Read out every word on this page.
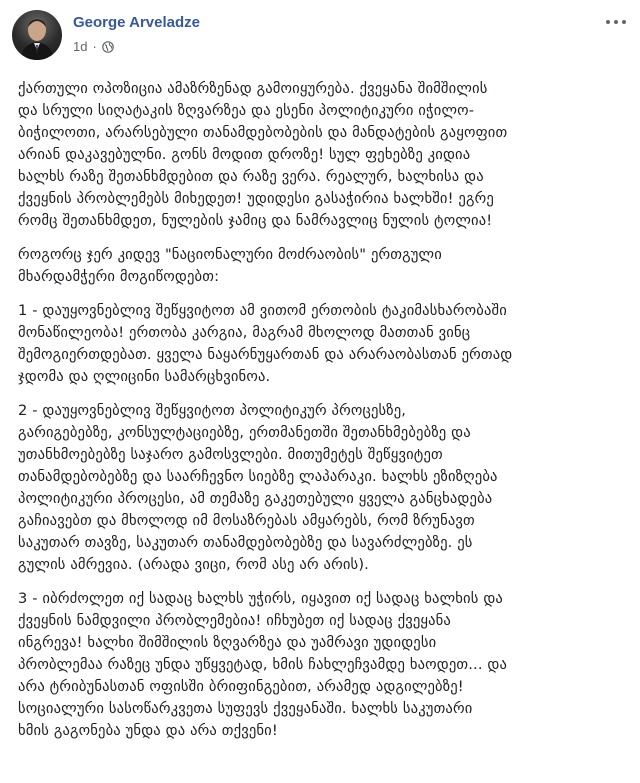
George Arveladze
1d ·

ქართული ოპოზიცია ამაზრზენად გამოიყურება. ქვეყანა შიმშილის
და სრული სიღატაკის ზღვარზეა და ესენი პოლიტიკური იჭილო-
ბიჭილოთი, არარსებული თანამდებობების და მანდატების გაყოფით
არიან დაკავებულნი. გონს მოდით დროზე! სულ ფეხებზე კიდია
ხალხს რაზე შეთანხმდებით და რაზე ვერა. რეალურ, ხალხისა და
ქვეყნის პრობლემებს მიხედეთ! უდიდესი გასაჭირია ხალხში! ეგრე
რომც შეთანხმდეთ, ნულების ჯამიც და ნამრავლიც ნულის ტოლია!

როგორც ჯერ კიდევ "ნაციონალური მოძრაობის" ერთგული
მხარდამჭერი მოგიწოდებთ:

1 - დაუყოვნებლივ შეწყვიტოთ ამ ვითომ ერთობის ტაკიმასხარობაში
მონაწილეობა! ერთობა კარგია, მაგრამ მხოლოდ მათთან ვინც
შემოგიერთდებათ. ყველა ნაყარნუყართან და არარაობასთან ერთად
ჯდომა და ღლიცინი სამარცხვინოა.

2 - დაუყოვნებლივ შეწყვიტოთ პოლიტიკურ პროცესზე,
გარიგებებზე, კონსულტაციებზე, ერთმანეთში შეთანხმებებზე და
უთანხმოებებზე საჯარო გამოსვლები. მითუმეტეს შეწყვიტეთ
თანამდებობებზე და საარჩევნო სიებზე ლაპარაკი. ხალხს ეზიზღება
პოლიტიკური პროცესი, ამ თემაზე გაკეთებული ყველა განცხადება
გაჩიავებთ და მხოლოდ იმ მოსაზრებას ამყარებს, რომ ზრუნავთ
საკუთარ თავზე, საკუთარ თანამდებობებზე და სავარძლებზე. ეს
გულის ამრევია. (არადა ვიცი, რომ ასე არ არის).

3 - იბრძოლეთ იქ სადაც ხალხს უჭირს, იყავით იქ სადაც ხალხის და
ქვეყნის ნამდვილი პრობლემებია! იჩხუბეთ იქ სადაც ქვეყანა
ინგრევა! ხალხი შიმშილის ზღვარზეა და უამრავი უდიდესი
პრობლემაა რაზეც უნდა უწყვეტად, ხმის ჩახლეჩვამდე ხაოდეთ... და
არა ტრიბუნასთან ოფისში ბრიფინგებით, არამედ ადგილებზე!
სოციალური სასოწარკვეთა სუფევს ქვეყანაში. ხალხს საკუთარი
ხმის გაგონება უნდა და არა თქვენი!
